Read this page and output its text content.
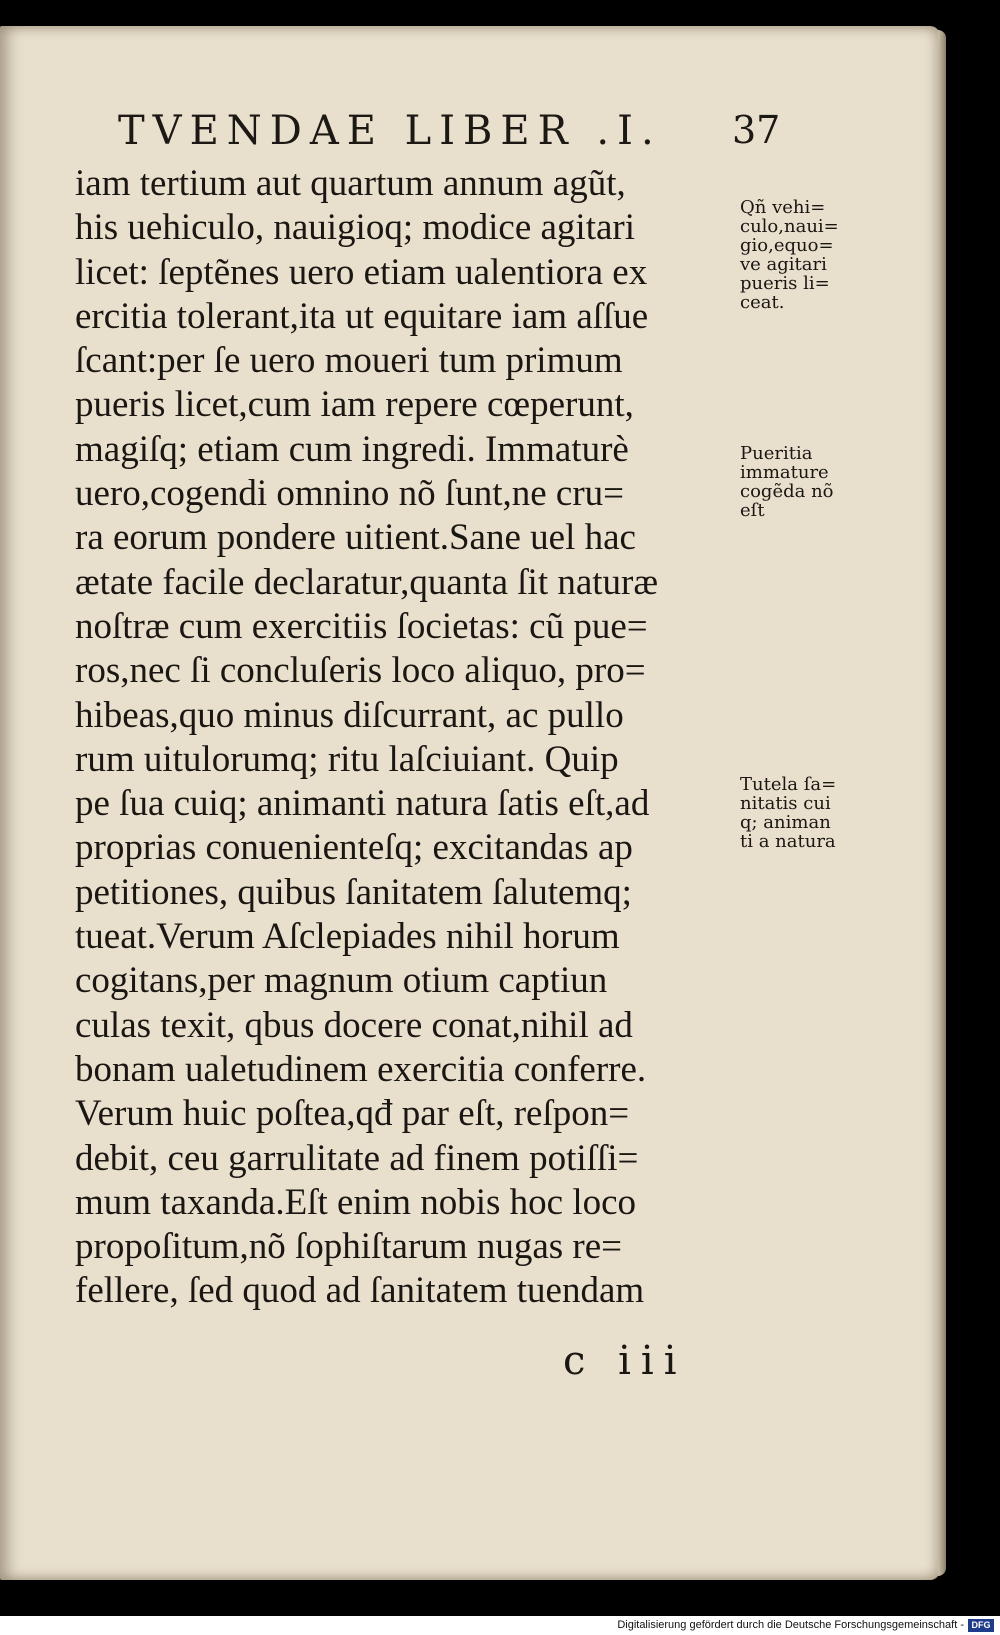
TVENDAE LIBER .I. 37
iam tertium aut quartum annum agũt,
his uehiculo, nauigioq; modice agitari
licet: ſeptẽnes uero etiam ualentiora ex
ercitia tolerant,ita ut equitare iam aſſue
ſcant:per ſe uero moueri tum primum
pueris licet,cum iam repere cœperunt,
magiſq; etiam cum ingredi. Immaturè
uero,cogendi omnino nõ ſunt,ne cru=
ra eorum pondere uitient.Sane uel hac
ætate facile declaratur,quanta ſit naturæ
noſtræ cum exercitiis ſocietas: cũ pue=
ros,nec ſi concluſeris loco aliquo, pro=
hibeas,quo minus diſcurrant, ac pullo
rum uitulorumq; ritu laſciuiant. Quip
pe ſua cuiq; animanti natura ſatis eſt,ad
proprias conuenienteſq; excitandas ap
petitiones, quibus ſanitatem ſalutemq;
tueat.Verum Aſclepiades nihil horum
cogitans,per magnum otium captiun
culas texit, qbus docere conat,nihil ad
bonam ualetudinem exercitia conferre.
Verum huic poſtea,qđ par eſt, reſpon=
debit, ceu garrulitate ad finem potiſſi=
mum taxanda.Eſt enim nobis hoc loco
propoſitum,nõ ſophiſtarum nugas re=
fellere, ſed quod ad ſanitatem tuendam
Qñ vehi=
culo,naui=
gio,equo=
ve agitari
pueris li=
ceat.
Pueritia
immature
cogẽda nõ
eſt
Tutela ſa=
nitatis cui
q; animan
ti a natura
c iii
Digitalisierung gefördert durch die Deutsche Forschungsgemeinschaft - DFG
